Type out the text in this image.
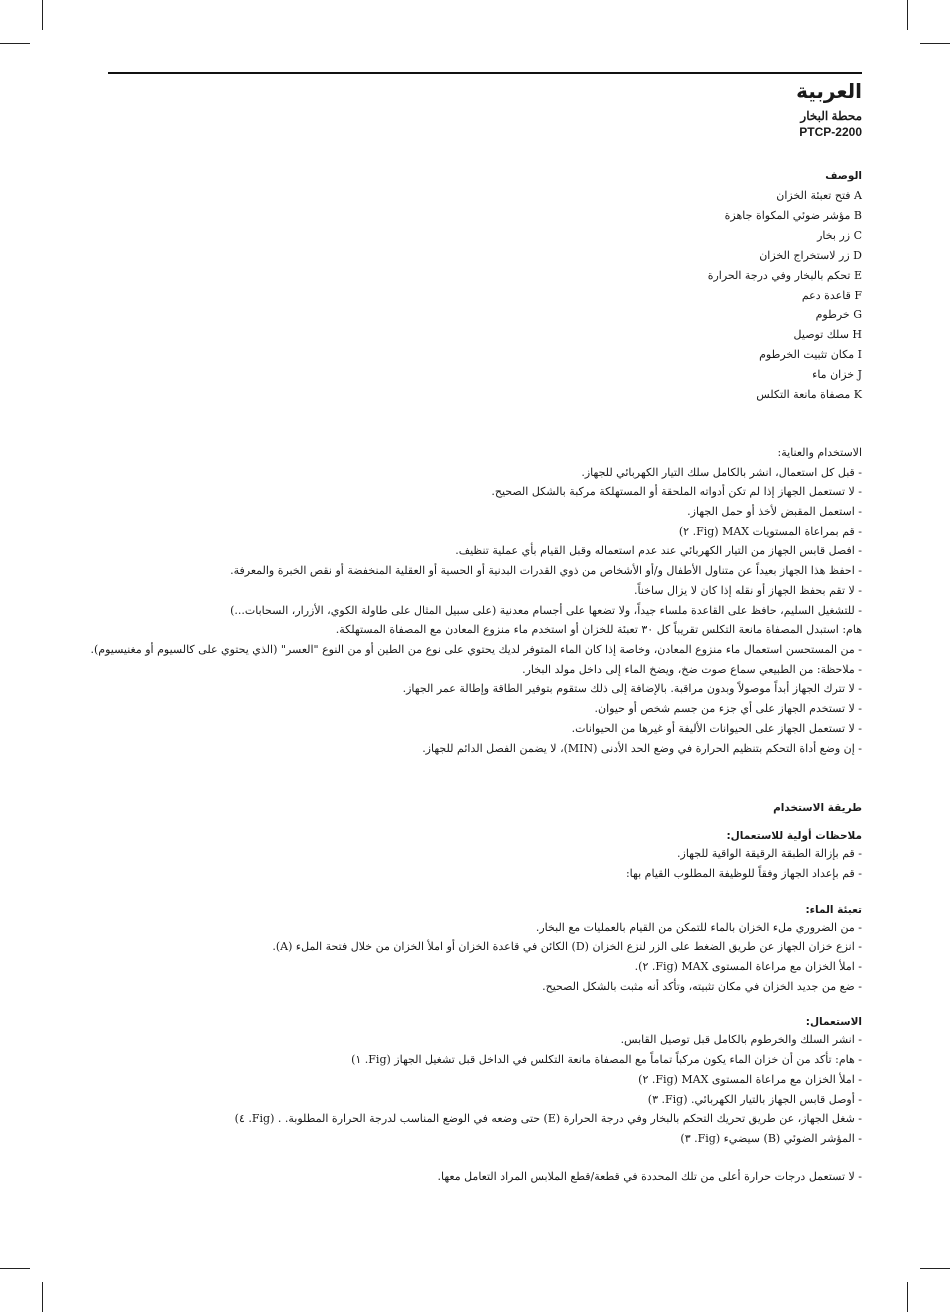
العربية

محطة البخار

PTCP-2200

الوصف

A فتح تعبئة الخزان

B مؤشر ضوئي المكواة جاهزة

C زر بخار

D زر لاستخراج الخزان

E تحكم بالبخار وفي درجة الحرارة

F قاعدة دعم

G خرطوم

H سلك توصيل

I مكان تثبيت الخرطوم

J خزان ماء

K مصفاة مانعة التكلس

الاستخدام والعناية:

- قبل كل استعمال، انشر بالكامل سلك التيار الكهربائي للجهاز.

- لا تستعمل الجهاز إذا لم تكن أدواته الملحقة أو المستهلكة مركبة بالشكل الصحيح.

- استعمل المقبض لأخذ أو حمل الجهاز.

- قم بمراعاة المستويات MAX (Fig. ٢)

- افصل قابس الجهاز من التيار الكهربائي عند عدم استعماله وقبل القيام بأي عملية تنظيف.

- احفظ هذا الجهاز بعيداً عن متناول الأطفال و/أو الأشخاص من ذوي القدرات البدنية أو الحسية أو العقلية المنخفضة أو نقص الخبرة والمعرفة.

- لا تقم بحفظ الجهاز أو نقله إذا كان لا يزال ساخناً.

- للتشغيل السليم، حافظ على القاعدة ملساء جيداً، ولا تضعها على أجسام معدنية (على سبيل المثال على طاولة الكوي، الأزرار، السحابات...)

هام: استبدل المصفاة مانعة التكلس تقريباً كل ٣٠ تعبئة للخزان أو استخدم ماء منزوع المعادن مع المصفاة المستهلكة.

- من المستحسن استعمال ماء منزوع المعادن، وخاصة إذا كان الماء المتوفر لديك يحتوي على نوع من الطين أو من النوع "العسر" (الذي يحتوي على كالسيوم أو مغنيسيوم).

- ملاحظة: من الطبيعي سماع صوت ضخ، ويضخ الماء إلى داخل مولد البخار.

- لا تترك الجهاز أبداً موصولاً وبدون مراقبة. بالإضافة إلى ذلك ستقوم بتوفير الطاقة وإطالة عمر الجهاز.

- لا تستخدم الجهاز على أي جزء من جسم شخص أو حيوان.

- لا تستعمل الجهاز على الحيوانات الأليفة أو غيرها من الحيوانات.

- إن وضع أداة التحكم بتنظيم الحرارة في وضع الحد الأدنى (MIN)، لا يضمن الفصل الدائم للجهاز.

طريقة الاستخدام

ملاحظات أولية للاستعمال:

- قم بإزالة الطبقة الرقيقة الواقية للجهاز.

- قم بإعداد الجهاز وفقاً للوظيفة المطلوب القيام بها:

تعبئة الماء:

- من الضروري ملء الخزان بالماء للتمكن من القيام بالعمليات مع البخار.

- انزع خزان الجهاز عن طريق الضغط على الزر لنزع الخزان (D) الكائن في قاعدة الخزان أو املأ الخزان من خلال فتحة الملء (A).

- املأ الخزان مع مراعاة المستوى MAX (Fig. ٢).

- ضع من جديد الخزان في مكان تثبيته، وتأكد أنه مثبت بالشكل الصحيح.

الاستعمال:

- انشر السلك والخرطوم بالكامل قبل توصيل القابس.

- هام: تأكد من أن خزان الماء يكون مركباً تماماً مع المصفاة مانعة التكلس في الداخل قبل تشغيل الجهاز (Fig. ١)

- املأ الخزان مع مراعاة المستوى MAX (Fig. ٢)

- أوصل قابس الجهاز بالتيار الكهربائي. (Fig. ٣)

- شغل الجهاز، عن طريق تحريك التحكم بالبخار وفي درجة الحرارة (E) حتى وضعه في الوضع المناسب لدرجة الحرارة المطلوبة. . (Fig. ٤)

- المؤشر الضوئي (B) سيضيء (Fig. ٣)

- لا تستعمل درجات حرارة أعلى من تلك المحددة في قطعة/قطع الملابس المراد التعامل معها.
